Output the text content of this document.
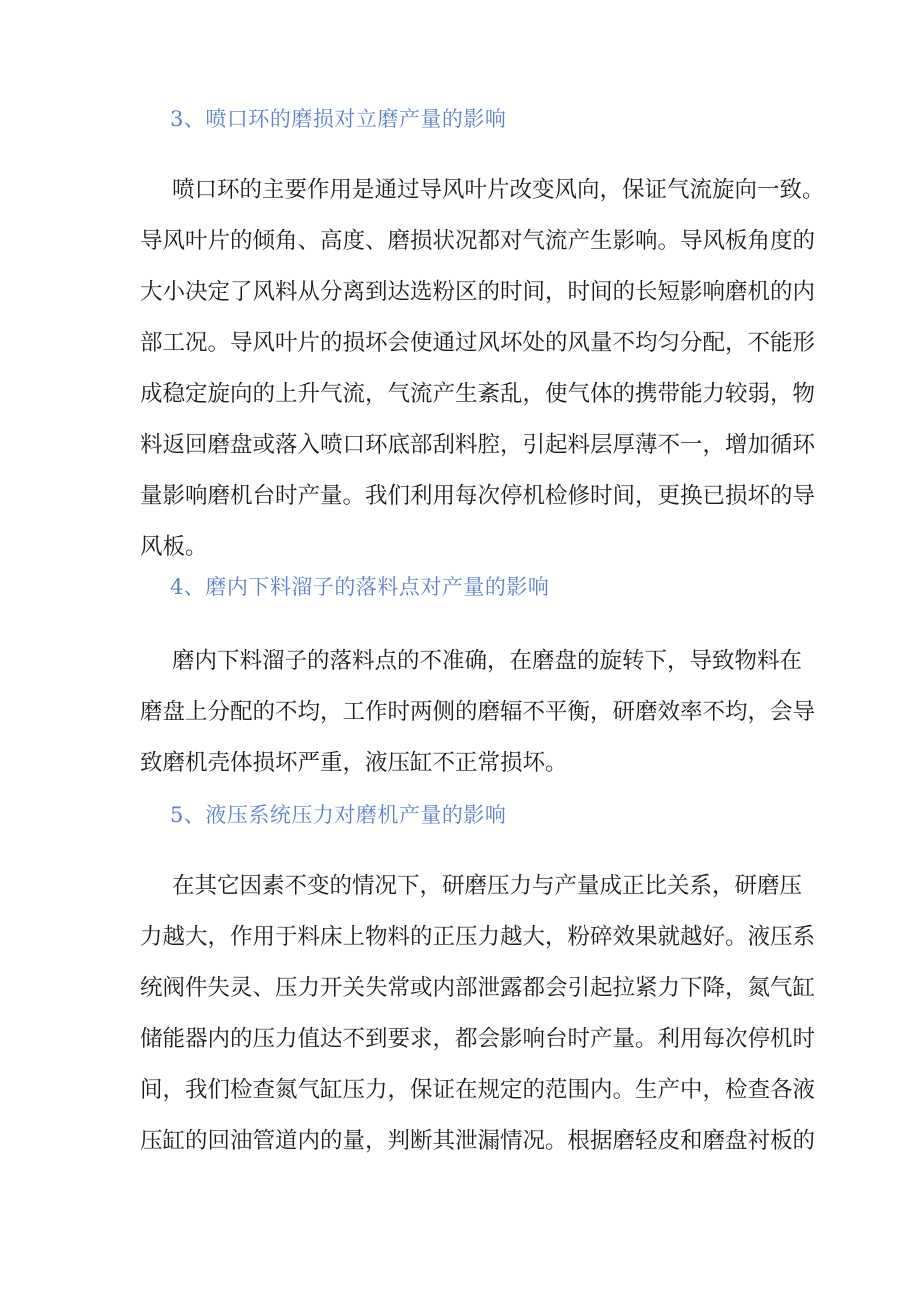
3、喷口环的磨损对立磨产量的影响
喷口环的主要作用是通过导风叶片改变风向，保证气流旋向一致。
导风叶片的倾角、高度、磨损状况都对气流产生影响。导风板角度的
大小决定了风料从分离到达选粉区的时间，时间的长短影响磨机的内
部工况。导风叶片的损坏会使通过风坏处的风量不均匀分配，不能形
成稳定旋向的上升气流，气流产生紊乱，使气体的携带能力较弱，物
料返回磨盘或落入喷口环底部刮料腔，引起料层厚薄不一，增加循环
量影响磨机台时产量。我们利用每次停机检修时间，更换已损坏的导
风板。
4、磨内下料溜子的落料点对产量的影响
磨内下料溜子的落料点的不准确，在磨盘的旋转下，导致物料在
磨盘上分配的不均，工作时两侧的磨辐不平衡，研磨效率不均，会导
致磨机壳体损坏严重，液压缸不正常损坏。
5、液压系统压力对磨机产量的影响
在其它因素不变的情况下，研磨压力与产量成正比关系，研磨压
力越大，作用于料床上物料的正压力越大，粉碎效果就越好。液压系
统阀件失灵、压力开关失常或内部泄露都会引起拉紧力下降，氮气缸
储能器内的压力值达不到要求，都会影响台时产量。利用每次停机时
间，我们检查氮气缸压力，保证在规定的范围内。生产中，检查各液
压缸的回油管道内的量，判断其泄漏情况。根据磨轻皮和磨盘衬板的
